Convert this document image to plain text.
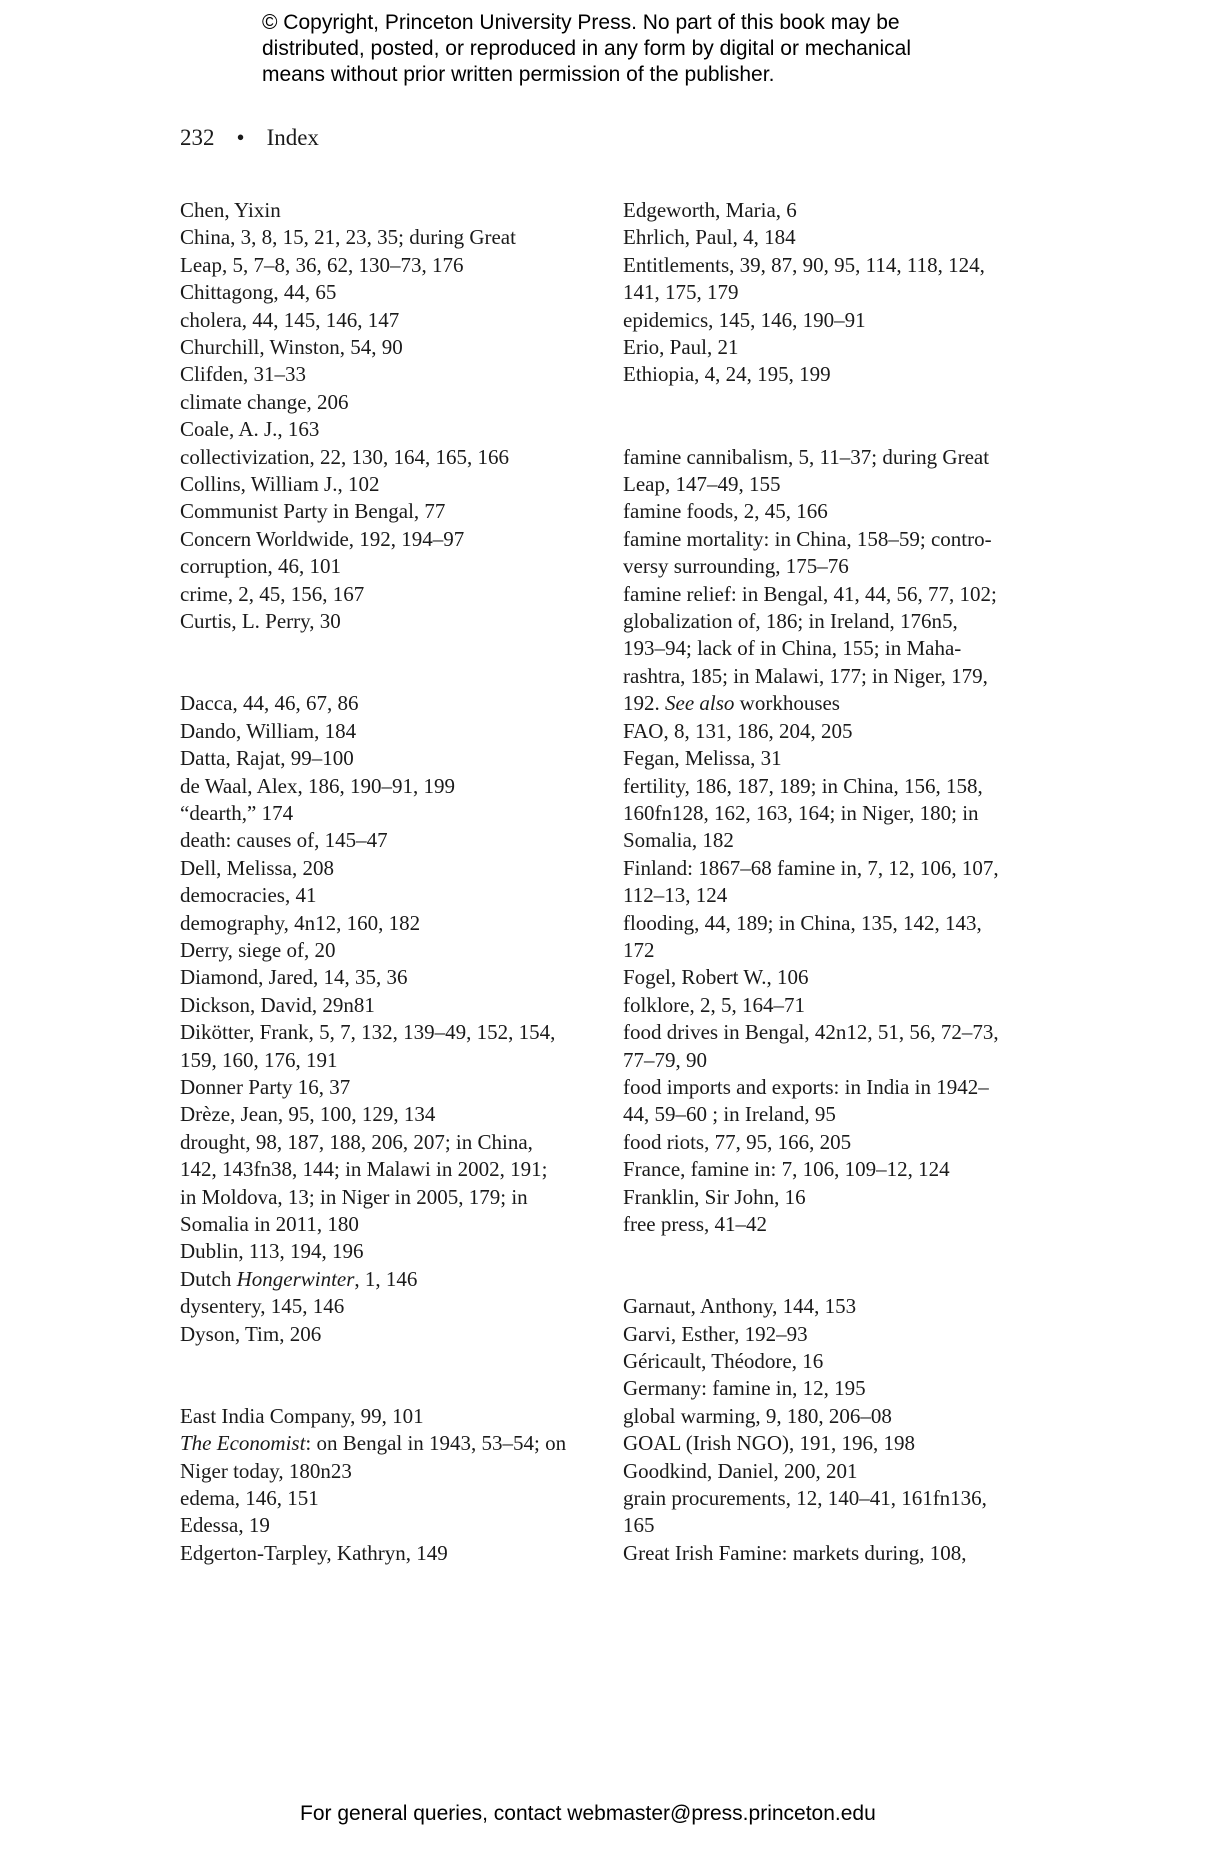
© Copyright, Princeton University Press. No part of this book may be
distributed, posted, or reproduced in any form by digital or mechanical
means without prior written permission of the publisher.
232 • Index
Chen, Yixin
China, 3, 8, 15, 21, 23, 35; during Great
Leap, 5, 7–8, 36, 62, 130–73, 176
Chittagong, 44, 65
cholera, 44, 145, 146, 147
Churchill, Winston, 54, 90
Clifden, 31–33
climate change, 206
Coale, A. J., 163
collectivization, 22, 130, 164, 165, 166
Collins, William J., 102
Communist Party in Bengal, 77
Concern Worldwide, 192, 194–97
corruption, 46, 101
crime, 2, 45, 156, 167
Curtis, L. Perry, 30
Dacca, 44, 46, 67, 86
Dando, William, 184
Datta, Rajat, 99–100
de Waal, Alex, 186, 190–91, 199
“dearth,” 174
death: causes of, 145–47
Dell, Melissa, 208
democracies, 41
demography, 4n12, 160, 182
Derry, siege of, 20
Diamond, Jared, 14, 35, 36
Dickson, David, 29n81
Dikötter, Frank, 5, 7, 132, 139–49, 152, 154,
159, 160, 176, 191
Donner Party 16, 37
Drèze, Jean, 95, 100, 129, 134
drought, 98, 187, 188, 206, 207; in China,
142, 143fn38, 144; in Malawi in 2002, 191;
in Moldova, 13; in Niger in 2005, 179; in
Somalia in 2011, 180
Dublin, 113, 194, 196
Dutch Hongerwinter, 1, 146
dysentery, 145, 146
Dyson, Tim, 206
East India Company, 99, 101
The Economist: on Bengal in 1943, 53–54; on
Niger today, 180n23
edema, 146, 151
Edessa, 19
Edgerton-Tarpley, Kathryn, 149
Edgeworth, Maria, 6
Ehrlich, Paul, 4, 184
Entitlements, 39, 87, 90, 95, 114, 118, 124,
141, 175, 179
epidemics, 145, 146, 190–91
Erio, Paul, 21
Ethiopia, 4, 24, 195, 199
famine cannibalism, 5, 11–37; during Great
Leap, 147–49, 155
famine foods, 2, 45, 166
famine mortality: in China, 158–59; contro-
versy surrounding, 175–76
famine relief: in Bengal, 41, 44, 56, 77, 102;
globalization of, 186; in Ireland, 176n5,
193–94; lack of in China, 155; in Maha-
rashtra, 185; in Malawi, 177; in Niger, 179,
192. See also workhouses
FAO, 8, 131, 186, 204, 205
Fegan, Melissa, 31
fertility, 186, 187, 189; in China, 156, 158,
160fn128, 162, 163, 164; in Niger, 180; in
Somalia, 182
Finland: 1867–68 famine in, 7, 12, 106, 107,
112–13, 124
flooding, 44, 189; in China, 135, 142, 143,
172
Fogel, Robert W., 106
folklore, 2, 5, 164–71
food drives in Bengal, 42n12, 51, 56, 72–73,
77–79, 90
food imports and exports: in India in 1942–
44, 59–60 ; in Ireland, 95
food riots, 77, 95, 166, 205
France, famine in: 7, 106, 109–12, 124
Franklin, Sir John, 16
free press, 41–42
Garnaut, Anthony, 144, 153
Garvi, Esther, 192–93
Géricault, Théodore, 16
Germany: famine in, 12, 195
global warming, 9, 180, 206–08
GOAL (Irish NGO), 191, 196, 198
Goodkind, Daniel, 200, 201
grain procurements, 12, 140–41, 161fn136,
165
Great Irish Famine: markets during, 108,
For general queries, contact webmaster@press.princeton.edu
